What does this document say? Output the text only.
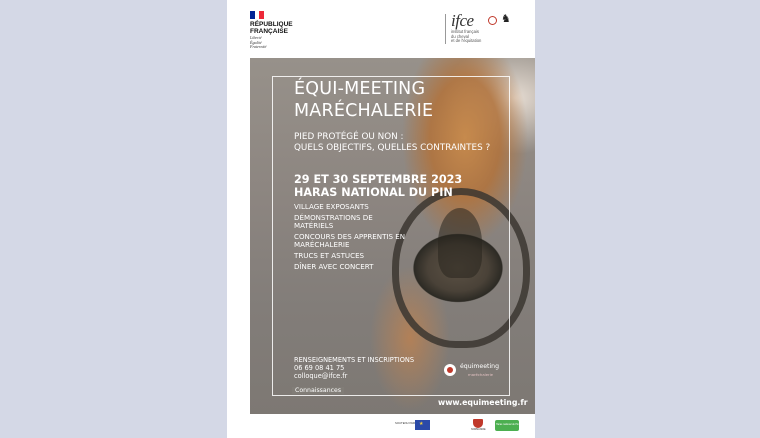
RÉPUBLIQUE
FRANÇAISE
Liberté
Égalité
Fraternité
ifce ♞
institut français
du cheval
et de l'équitation
ÉQUI-MEETING
MARÉCHALERIE
PIED PROTÉGÉ OU NON :
QUELS OBJECTIFS, QUELLES CONTRAINTES ?
29 ET 30 SEPTEMBRE 2023
HARAS NATIONAL DU PIN
VILLAGE EXPOSANTS
DÉMONSTRATIONS DE MATÉRIELS
CONCOURS DES APPRENTIS EN MARÉCHALERIE
TRUCS ET ASTUCES
DÎNER AVEC CONCERT
RENSEIGNEMENTS ET INSCRIPTIONS
06 69 08 41 75
colloque@ifce.fr
équimeeting
maréchalerie
Connaissances
www.equimeeting.fr
SOUTENU PAR ★
NORMANDIE
Haras national du Pin
